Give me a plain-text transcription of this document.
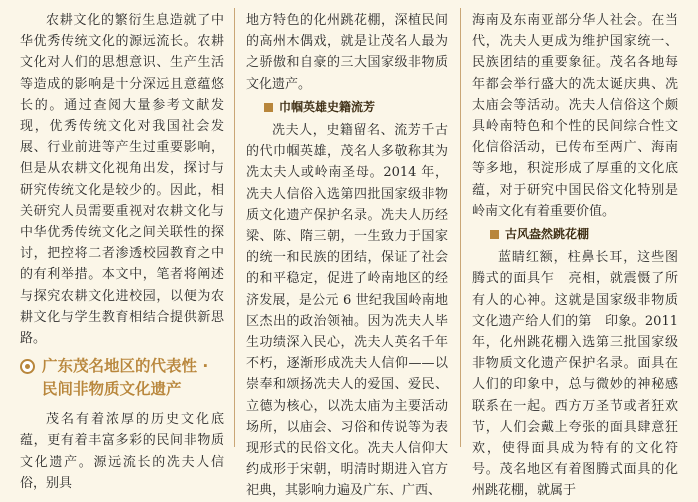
农耕文化的繁衍生息造就了中华优秀传统文化的源远流长。农耕文化对人们的思想意识、生产生活等造成的影响是十分深远且意蕴悠长的。通过查阅大量参考文献发现，优秀传统文化对我国社会发展、行业前进等产生过重要影响，但是从农耕文化视角出发，探讨与研究传统文化是较少的。因此，相关研究人员需要重视对农耕文化与中华优秀传统文化之间关联性的探讨，把控将二者渗透校园教育之中的有利举措。本文中，笔者将阐述与探究农耕文化进校园，以便为农耕文化与学生教育相结合提供新思路。

广东茂名地区的代表性 ·
民间非物质文化遗产

茂名有着浓厚的历史文化底蕴，更有着丰富多彩的民间非物质文化遗产。源远流长的冼夫人信俗，别具

地方特色的化州跳花棚，深植民间的高州木偶戏，就是让茂名人最为之骄傲和自豪的三大国家级非物质文化遗产。

巾帼英雄史籍流芳

冼夫人，史籍留名、流芳千古的代巾帼英雄，茂名人多敬称其为冼太夫人或岭南圣母。2014 年，冼夫人信俗入选第四批国家级非物质文化遗产保护名录。冼夫人历经梁、陈、隋三朝，一生致力于国家的统一和民族的团结，保证了社会的和平稳定，促进了岭南地区的经济发展，是公元 6 世纪我国岭南地区杰出的政治领袖。因为冼夫人毕生功绩深入民心，冼夫人英名千年不朽，逐渐形成冼夫人信仰——以崇奉和颂扬冼夫人的爱国、爱民、立德为核心，以冼太庙为主要活动场所，以庙会、习俗和传说等为表现形式的民俗文化。冼夫人信仰大约成形于宋朝，明清时期进入官方祀典，其影响力遍及广东、广西、

海南及东南亚部分华人社会。在当代，冼夫人更成为维护国家统一、民族团结的重要象征。茂名各地每年都会举行盛大的冼太诞庆典、冼太庙会等活动。冼夫人信俗这个颇具岭南特色和个性的民间综合性文化信俗活动，已传布至两广、海南等多地，积淀形成了厚重的文化底蕴，对于研究中国民俗文化特别是岭南文化有着重要价值。

古风盎然跳花棚

蓝睛红额，柱鼻长耳，这些图腾式的面具乍　亮相，就震慑了所有人的心神。这就是国家级非物质文化遗产给人们的第　印象。2011 年，化州跳花棚入选第三批国家级非物质文化遗产保护名录。面具在人们的印象中，总与微妙的神秘感联系在一起。西方万圣节或者狂欢节，人们会戴上夸张的面具肆意狂欢，使得面具成为特有的文化符号。茂名地区有着图腾式面具的化州跳花棚，就属于
